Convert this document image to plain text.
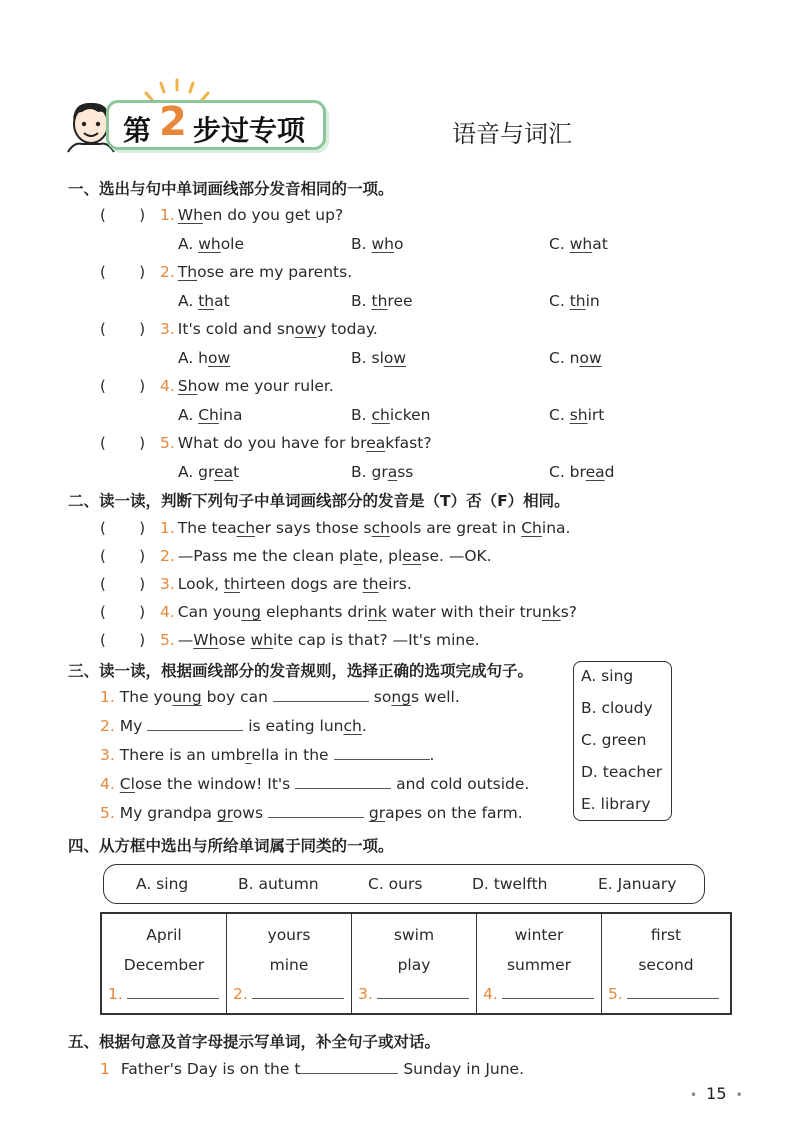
第 2 步过专项	语音与词汇
一、选出与句中单词画线部分发音相同的一项。
(       ) 1. When do you get up?
A. whole	B. who	C. what
(       ) 2. Those are my parents.
A. that	B. three	C. thin
(       ) 3. It's cold and snowy today.
A. how	B. slow	C. now
(       ) 4. Show me your ruler.
A. China	B. chicken	C. shirt
(       ) 5. What do you have for breakfast?
A. great	B. grass	C. bread
二、读一读，判断下列句子中单词画线部分的发音是（T）否（F）相同。
(       ) 1. The teacher says those schools are great in China.
(       ) 2. —Pass me the clean plate, please. —OK.
(       ) 3. Look, thirteen dogs are theirs.
(       ) 4. Can young elephants drink water with their trunks?
(       ) 5. —Whose white cap is that? —It's mine.
三、读一读，根据画线部分的发音规则，选择正确的选项完成句子。
1. The young boy can	songs well.
2. My	is eating lunch.
3. There is an umbrella in the	.
4. Close the window! It's	and cold outside.
5. My grandpa grows	grapes on the farm.
A. sing
B. cloudy
C. green
D. teacher
E. library
四、从方框中选出与所给单词属于同类的一项。
A. sing	B. autumn	C. ours	D. twelfth	E. January
April
December
1.
yours
mine
2.
swim
play
3.
winter
summer
4.
first
second
5.
五、根据句意及首字母提示写单词，补全句子或对话。
1 Father's Day is on the t	Sunday in June.
• 15 •
